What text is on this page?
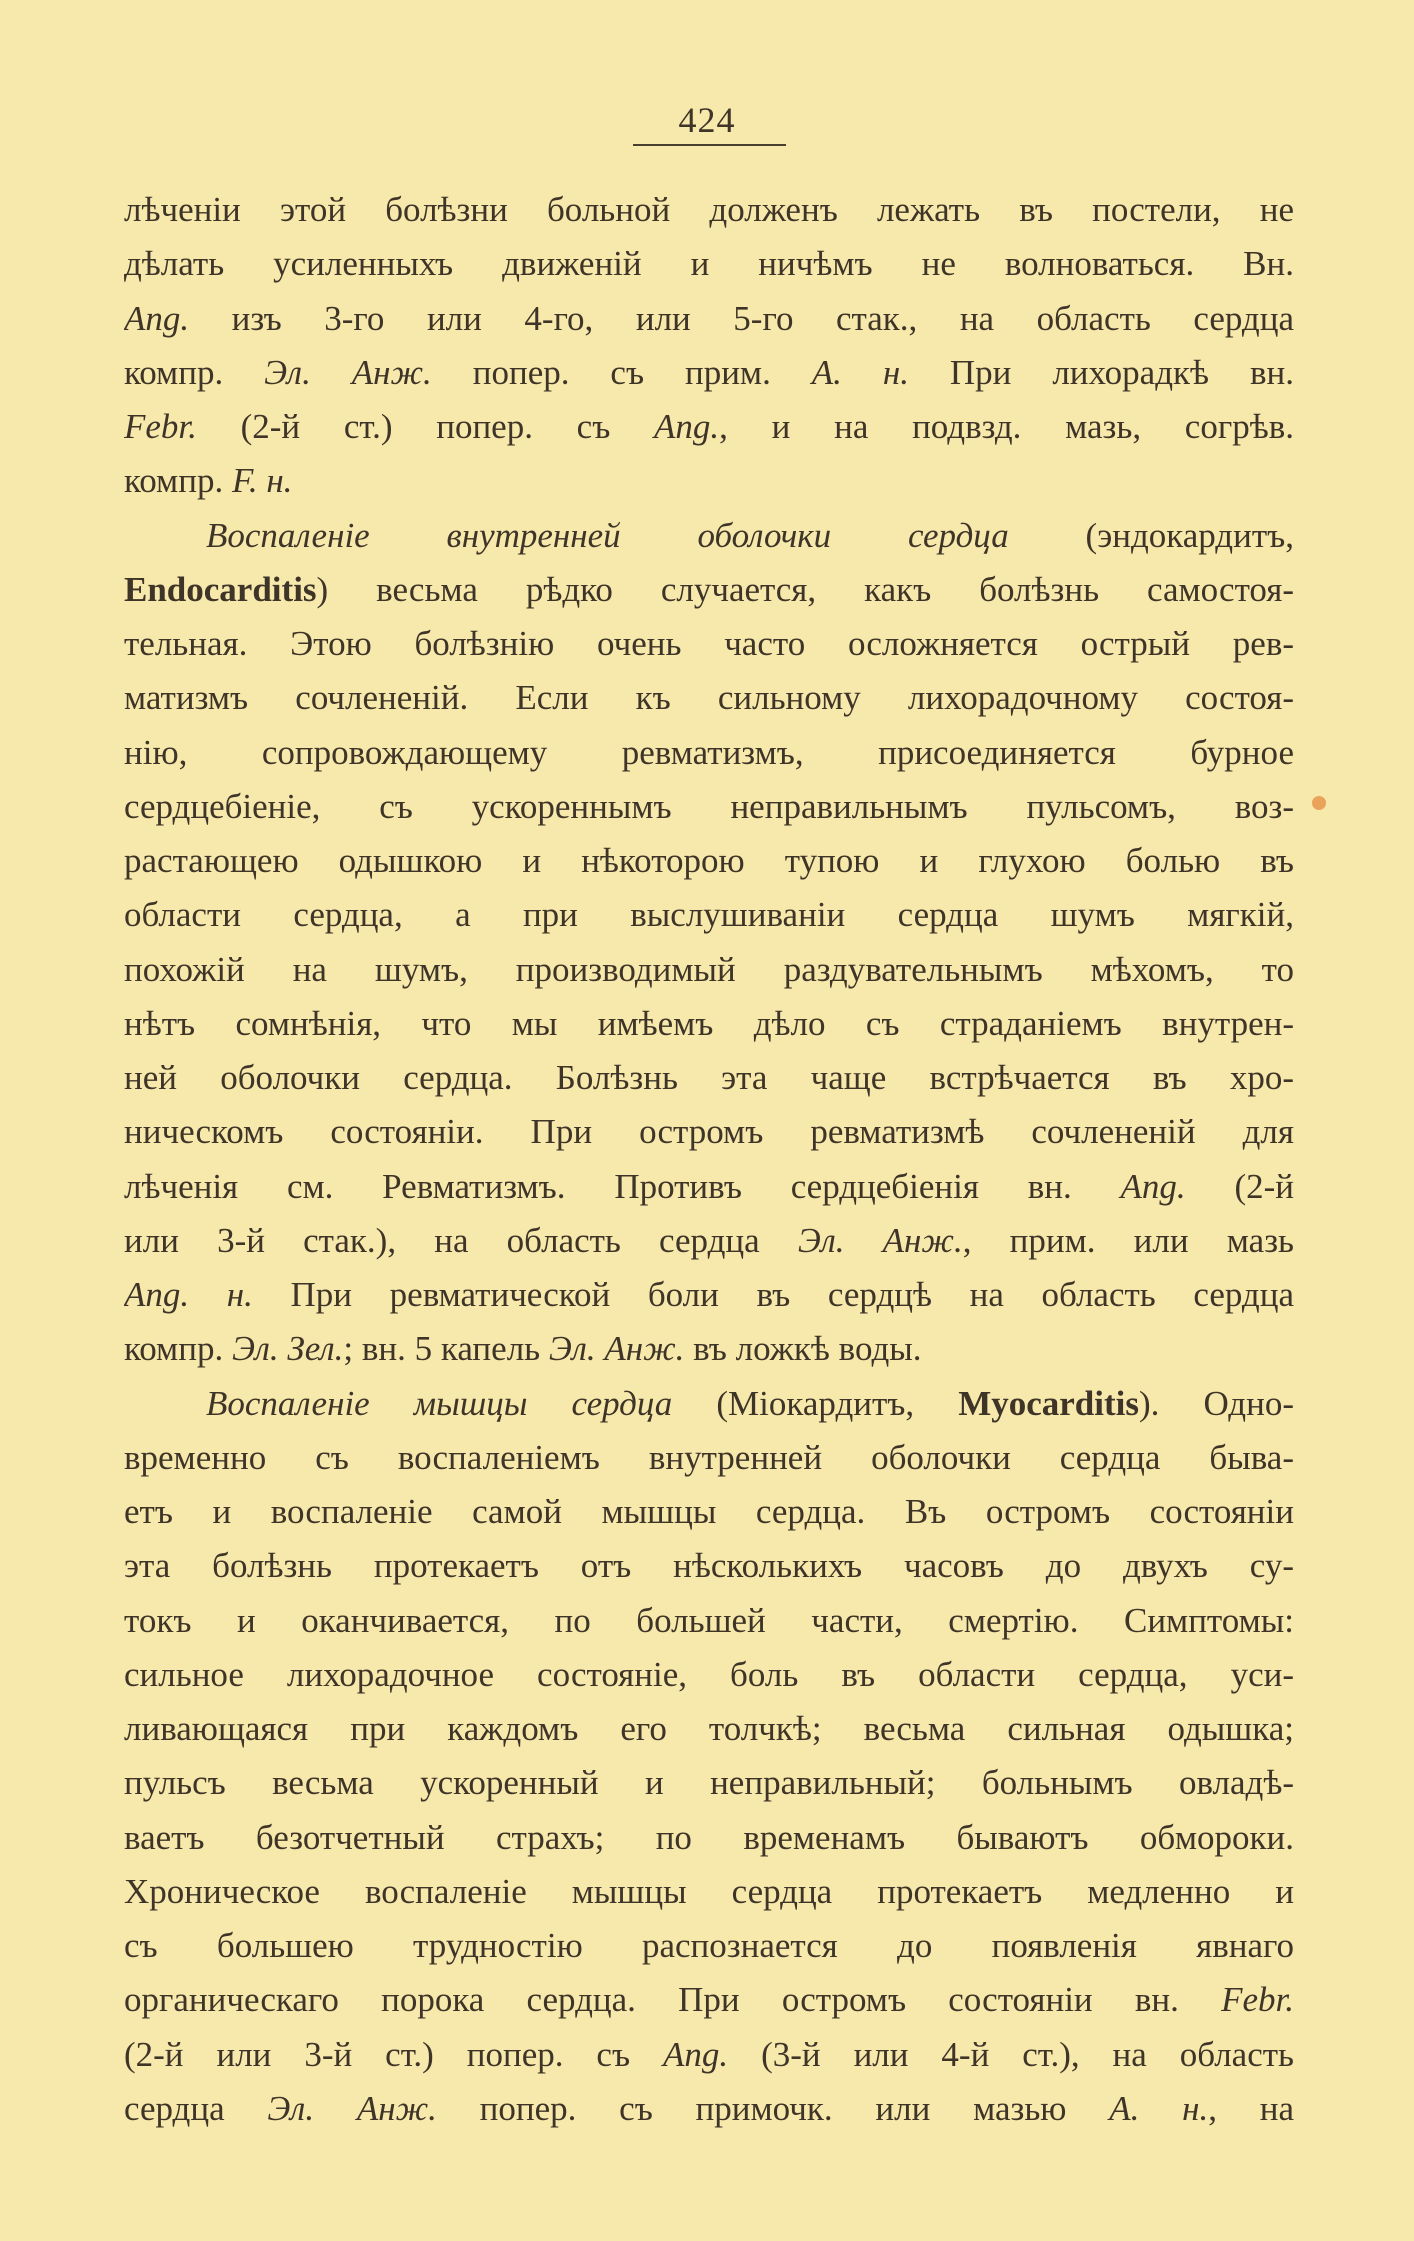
424
лѣченіи этой болѣзни больной долженъ лежать въ постели, не
дѣлать усиленныхъ движеній и ничѣмъ не волноваться. Вн.
Ang. изъ 3-го или 4-го, или 5-го стак., на область сердца
компр. Эл. Анж. попер. съ прим. А. н. При лихорадкѣ вн.
Febr. (2-й ст.) попер. съ Ang., и на подвзд. мазь, согрѣв.
компр. F. н.
Воспаленіе внутренней оболочки сердца (эндокардитъ,
Endocarditis) весьма рѣдко случается, какъ болѣзнь самостоя-
тельная. Этою болѣзнію очень часто осложняется острый рев-
матизмъ сочлененій. Если къ сильному лихорадочному состоя-
нію, сопровождающему ревматизмъ, присоединяется бурное
сердцебіеніе, съ ускореннымъ неправильнымъ пульсомъ, воз-
растающею одышкою и нѣкоторою тупою и глухою болью въ
области сердца, а при выслушиваніи сердца шумъ мягкій,
похожій на шумъ, производимый раздувательнымъ мѣхомъ, то
нѣтъ сомнѣнія, что мы имѣемъ дѣло съ страданіемъ внутрен-
ней оболочки сердца. Болѣзнь эта чаще встрѣчается въ хро-
ническомъ состояніи. При остромъ ревматизмѣ сочлененій для
лѣченія см. Ревматизмъ. Противъ сердцебіенія вн. Ang. (2-й
или 3-й стак.), на область сердца Эл. Анж., прим. или мазь
Ang. н. При ревматической боли въ сердцѣ на область сердца
компр. Эл. Зел.; вн. 5 капель Эл. Анж. въ ложкѣ воды.
Воспаленіе мышцы сердца (Міокардитъ, Myocarditis). Одно-
временно съ воспаленіемъ внутренней оболочки сердца быва-
етъ и воспаленіе самой мышцы сердца. Въ остромъ состояніи
эта болѣзнь протекаетъ отъ нѣсколькихъ часовъ до двухъ су-
токъ и оканчивается, по большей части, смертію. Симптомы:
сильное лихорадочное состояніе, боль въ области сердца, уси-
ливающаяся при каждомъ его толчкѣ; весьма сильная одышка;
пульсъ весьма ускоренный и неправильный; больнымъ овладѣ-
ваетъ безотчетный страхъ; по временамъ бываютъ обмороки.
Хроническое воспаленіе мышцы сердца протекаетъ медленно и
съ большею трудностію распознается до появленія явнаго
органическаго порока сердца. При остромъ состояніи вн. Febr.
(2-й или 3-й ст.) попер. съ Ang. (3-й или 4-й ст.), на область
сердца Эл. Анж. попер. съ примочк. или мазью А. н., на
